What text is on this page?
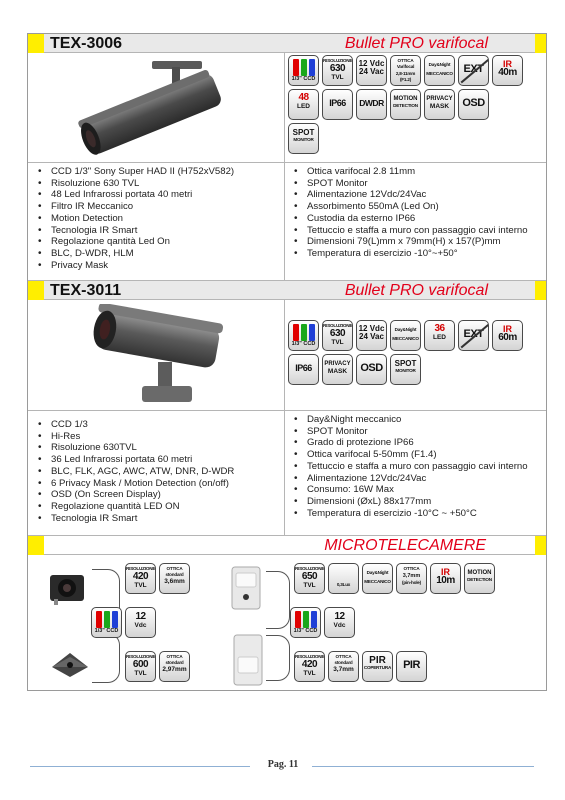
TEX-3006	Bullet PRO varifocal
1/3" CCD
RISOLUZIONE
630
TVL
12 Vdc
24 Vac
OTTICA
Varifocal
2,8-11mm (F1.2)
Day&Night
MECCANICO EXT	IR
40m
48
LED	IP66	DWDR	MOTION
DETECTION
PRIVACY
MASK	OSD
SPOT
MONITOR
• CCD 1/3" Sony Super HAD II (H752xV582)
• Risoluzione 630 TVL
• 48 Led Infrarossi portata 40 metri
• Filtro IR Meccanico
• Motion Detection
• Tecnologia IR Smart
• Regolazione qantità Led On
• BLC, D-WDR, HLM
• Privacy Mask
• Ottica varifocal 2.8 11mm
• SPOT Monitor
• Alimentazione 12Vdc/24Vac
• Assorbimento 550mA (Led On)
• Custodia da esterno IP66
• Tettuccio e staffa a muro con passaggio cavi interno
• Dimensioni 79(L)mm x 79mm(H) x 157(P)mm
• Temperatura di esercizio -10°~+50°
TEX-3011	Bullet PRO varifocal
1/3" CCD
RISOLUZIONE
630
TVL
12 Vdc
24 Vac
Day&Night
MECCANICO
36
LED	EXT	IR
60m
IP66	PRIVACY
MASK	OSD	SPOT
MONITOR
• CCD 1/3
• Hi-Res
• Risoluzione 630TVL
• 36 Led Infrarossi portata 60 metri
• BLC, FLK, AGC, AWC, ATW, DNR, D-WDR
• 6 Privacy Mask / Motion Detection (on/off)
• OSD (On Screen Display)
• Regolazione quantità LED ON
• Tecnologia IR Smart
• Day&Night meccanico
• SPOT Monitor
• Grado di protezione IP66
• Ottica varifocal 5-50mm (F1.4)
• Tettuccio e staffa a muro con passaggio cavi interno
• Alimentazione 12Vdc/24Vac
• Consumo: 16W Max
• Dimensioni (ØxL) 88x177mm
• Temperatura di esercizio -10°C ~ +50°C
MICROTELECAMERE
RISOLUZIONE
420
TVL
OTTICA
stondard
3,6mm
1/3" CCD
12
Vdc
RISOLUZIONE
600
TVL
OTTICA
stondard
2,97mm
RISOLUZIONE
650
TVL	0,3Lux
Day&Night
MECCANICO
OTTICA
3,7mm
(pin-hole)
IR
10m
MOTION
DETECTION
1/3" CCD
12
Vdc
RISOLUZIONE
420
TVL
OTTICA
stondard
3,7mm
PIR
COPERTURA	PIR
Pag. 11
